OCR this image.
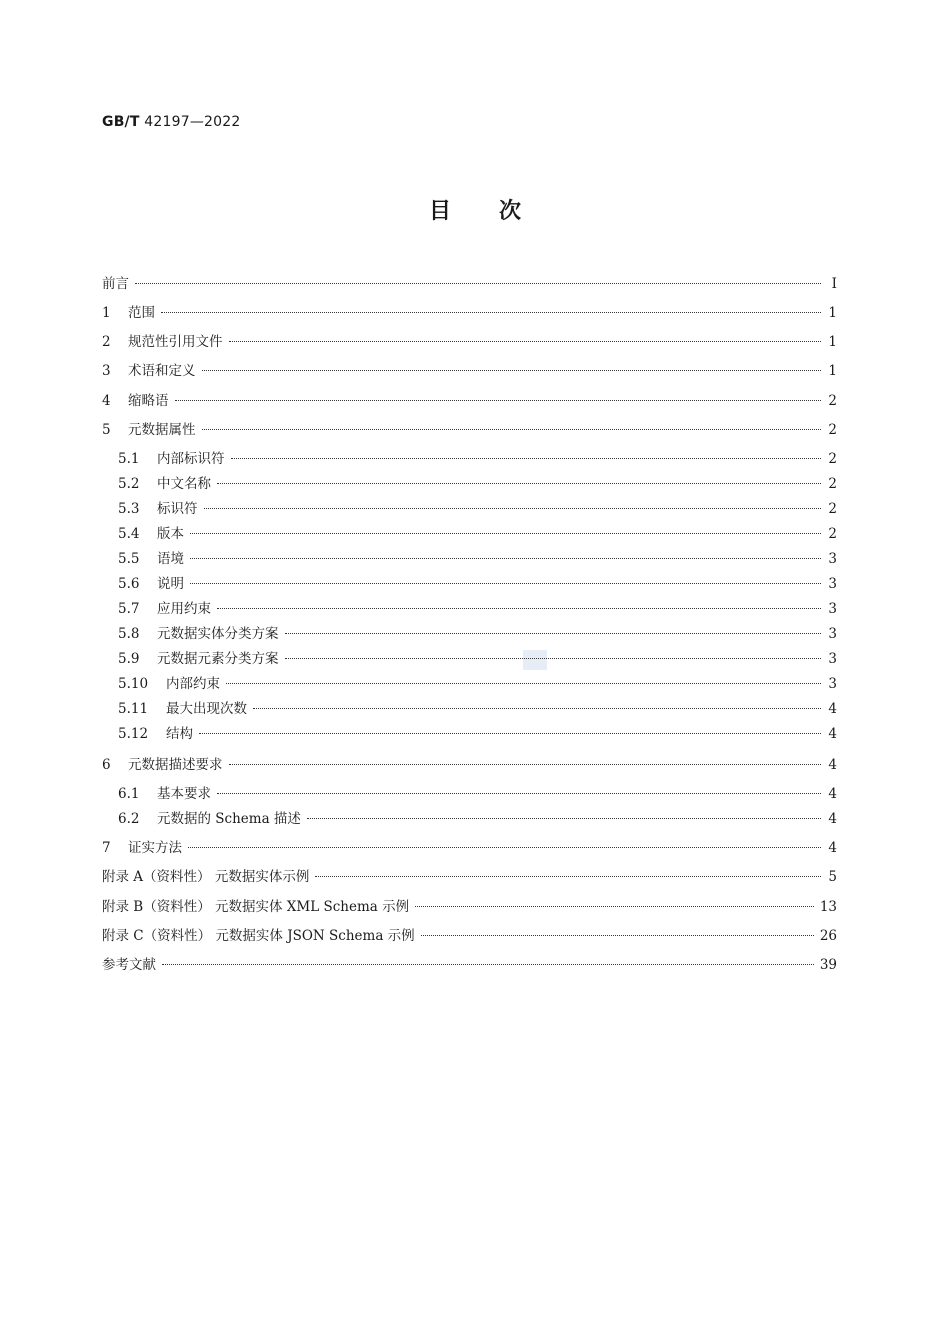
GB/T 42197—2022
目次
前言	Ⅰ
1	范围	1
2	规范性引用文件	1
3	术语和定义	1
4	缩略语	2
5	元数据属性	2
5.1	内部标识符	2
5.2	中文名称	2
5.3	标识符	2
5.4	版本	2
5.5	语境	3
5.6	说明	3
5.7	应用约束	3
5.8	元数据实体分类方案	3
5.9	元数据元素分类方案	3
5.10	内部约束	3
5.11	最大出现次数	4
5.12	结构	4
6	元数据描述要求	4
6.1	基本要求	4
6.2	元数据的 Schema 描述	4
7	证实方法	4
附录 A（资料性） 元数据实体示例	5
附录 B（资料性） 元数据实体 XML Schema 示例	13
附录 C（资料性） 元数据实体 JSON Schema 示例	26
参考文献	39
